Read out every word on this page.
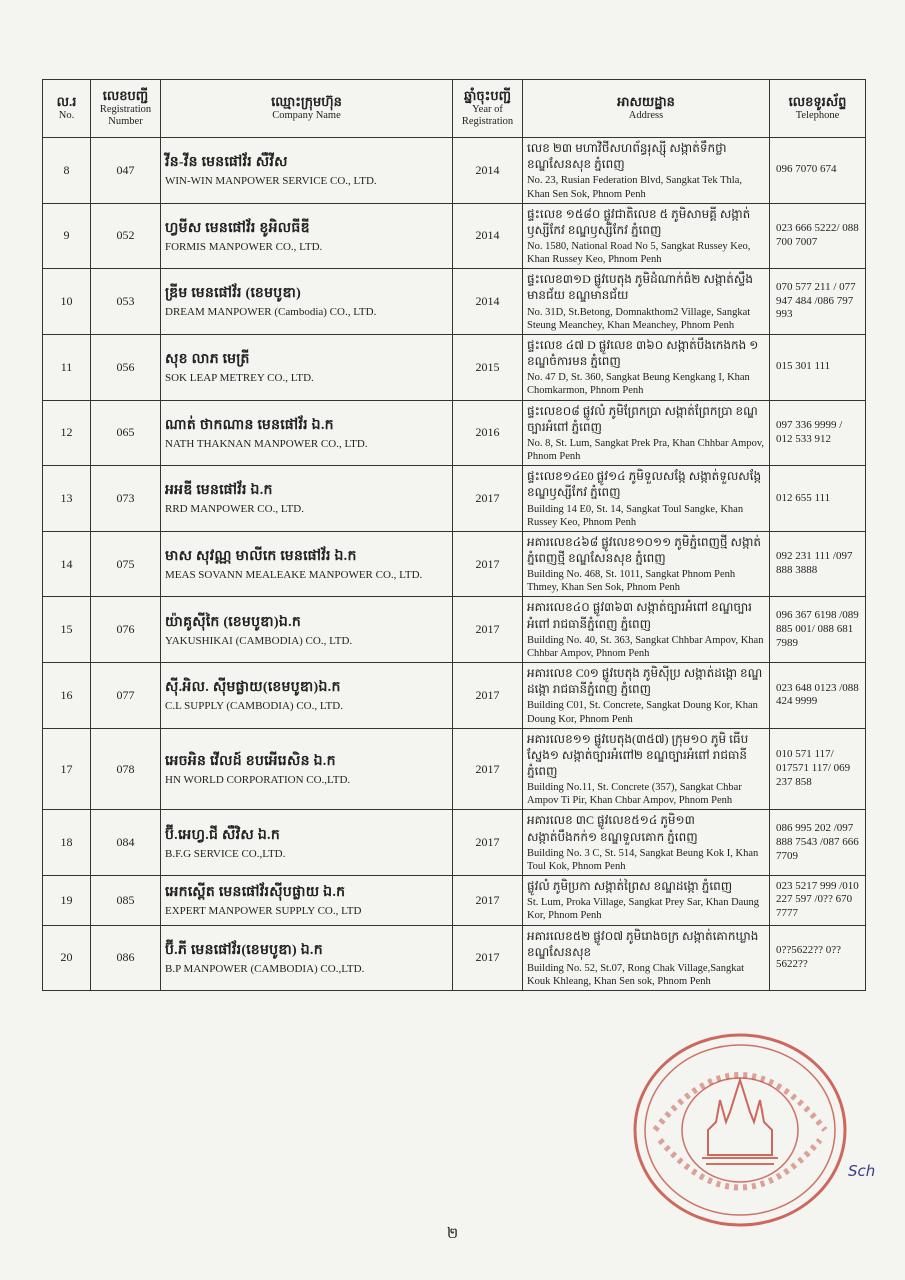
ល.រ
No.	លេខបញ្ជី
Registration Number	ឈ្មោះក្រុមហ៊ុន
Company Name	ឆ្នាំចុះបញ្ជី
Year of Registration	អាសយដ្ឋាន
Address	លេខទូរស័ព្ទ
Telephone

8	047	វីន-វីន មេនផៅវ័រ សឺវីស
WIN-WIN MANPOWER SERVICE CO., LTD.	2014	លេខ ២៣ មហាវិថីសហព័ន្ធរុស្ស៊ី សង្កាត់ទឹកថ្លា ខណ្ឌសែនសុខ ភ្នំពេញ
No. 23, Rusian Federation Blvd, Sangkat Tek Thla, Khan Sen Sok, Phnom Penh	096 7070 674
9	052	ហ្វមីស មេនផៅវ័រ ខូអិលធីឌី
FORMIS MANPOWER CO., LTD.	2014	ផ្ទះលេខ ១៥៨០ ផ្លូវជាតិលេខ ៥ ភូមិសាមគ្គី សង្កាត់ឫស្សីកែវ ខណ្ឌឫស្សីកែវ ភ្នំពេញ
No. 1580, National Road No 5, Sangkat Russey Keo, Khan Russey Keo, Phnom Penh	023 666 5222/ 088 700 7007
10	053	ឌ្រីម មេនផៅវ័រ (ខេមបូឌា)
DREAM MANPOWER (Cambodia) CO., LTD.	2014	ផ្ទះលេខ៣១D ផ្លូវបេតុង ភូមិដំណាក់ធំ២ សង្កាត់ស្ទឹងមានជ័យ ខណ្ឌមានជ័យ
No. 31D, St.Betong, Domnakthom2 Village, Sangkat Steung Meanchey, Khan Meanchey, Phnom Penh	070 577 211 / 077 947 484 /086 797 993
11	056	សុខ លាភ មេត្រី
SOK LEAP METREY CO., LTD.	2015	ផ្ទះលេខ ៤៧ D ផ្លូវលេខ ៣៦០ សង្កាត់បឹងកេងកង ១ ខណ្ឌចំការមន ភ្នំពេញ
No. 47 D, St. 360, Sangkat Beung Kengkang I, Khan Chomkarmon, Phnom Penh	015 301 111
12	065	ណាត់ ថាកណាន មេនផៅវ័រ ឯ.ក
NATH THAKNAN MANPOWER CO., LTD.	2016	ផ្ទះលេខ០៨ ផ្លូវលំ ភូមិព្រែកប្រា សង្កាត់ព្រែកប្រា ខណ្ឌច្បារអំពៅ ភ្នំពេញ
No. 8, St. Lum, Sangkat Prek Pra, Khan Chhbar Ampov, Phnom Penh	097 336 9999 / 012 533 912
13	073	អអឌី មេនផៅវ័រ ឯ.ក
RRD MANPOWER CO., LTD.	2017	ផ្ទះលេខ១៤E0 ផ្លូវ១៤ ភូមិទួលសង្កែ សង្កាត់ទួលសង្កែ ខណ្ឌឫស្សីកែវ ភ្នំពេញ
Building 14 E0, St. 14, Sangkat Toul Sangke, Khan Russey Keo, Phnom Penh	012 655 111
14	075	មាស សុវណ្ណ មាលីកេ មេនផៅវ័រ ឯ.ក
MEAS SOVANN MEALEAKE MANPOWER CO., LTD.	2017	អគារលេខ៤៦៨ ផ្លូវលេខ១០១១ ភូមិភ្នំពេញថ្មី សង្កាត់ភ្នំពេញថ្មី ខណ្ឌសែនសុខ ភ្នំពេញ
Building No. 468, St. 1011, Sangkat Phnom Penh Thmey, Khan Sen Sok, Phnom Penh	092 231 111 /097 888 3888
15	076	យ៉ាគូស៊ីកៃ (ខេមបូឌា)ឯ.ក
YAKUSHIKAI (CAMBODIA) CO., LTD.	2017	អគារលេខ៤០ ផ្លូវ៣៦៣ សង្កាត់ច្បារអំពៅ ខណ្ឌច្បារអំពៅ រាជធានីភ្នំពេញ ភ្នំពេញ
Building No. 40, St. 363, Sangkat Chhbar Ampov, Khan Chhbar Ampov, Phnom Penh	096 367 6198 /089 885 001/ 088 681 7989
16	077	ស៊ី.អិល. ស៊ីមផ្លាយ(ខេមបូឌា)ឯ.ក
C.L SUPPLY (CAMBODIA) CO., LTD.	2017	អគារលេខ C0១ ផ្លូវបេតុង ភូមិស៊ីប្រ សង្កាត់ដង្កោ ខណ្ឌដង្កោ រាជធានីភ្នំពេញ ភ្នំពេញ
Building C01, St. Concrete, Sangkat Doung Kor, Khan Doung Kor, Phnom Penh	023 648 0123 /088 424 9999
17	078	អេចអិន វើលដ៍ ខបអើរេសិន ឯ.ក
HN WORLD CORPORATION CO.,LTD.	2017	អគារលេខ១១ ផ្លូវបេតុង(៣៥៧) ក្រុម១០ ភូមិ ធើបស្នែង១ សង្កាត់ច្បារអំពៅ២ ខណ្ឌច្បារអំពៅ រាជធានីភ្នំពេញ
Building No.11, St. Concrete (357), Sangkat Chbar Ampov Ti Pir, Khan Chbar Ampov, Phnom Penh	010 571 117/ 017571 117/ 069 237 858
18	084	ប៊ី.អេហ្វ.ជី សឺវិស ឯ.ក
B.F.G SERVICE CO.,LTD.	2017	អគារលេខ ៣C ផ្លូវលេខ៥១៤ ភូមិ១៣ សង្កាត់បឹងកក់១ ខណ្ឌទួលគោក ភ្នំពេញ
Building No. 3 C, St. 514, Sangkat Beung Kok I, Khan Toul Kok, Phnom Penh	086 995 202 /097 888 7543 /087 666 7709
19	085	អេកស្ពើត មេនផៅវ័រស៊ីបផ្លាយ ឯ.ក
EXPERT MANPOWER SUPPLY CO., LTD	2017	ផ្លូវលំ ភូមិប្រកា សង្កាត់ព្រៃស ខណ្ឌដង្កោ ភ្នំពេញ
St. Lum, Proka Village, Sangkat Prey Sar, Khan Daung Kor, Phnom Penh	023 5217 999 /010 227 597 /0?? 670 7777
20	086	ប៊ី.ភី មេនផៅវ័រ(ខេមបូឌា) ឯ.ក
B.P MANPOWER (CAMBODIA) CO.,LTD.	2017	អគារលេខ៥២ ផ្លូវ០៧ ភូមិរោងចក្រ សង្កាត់គោកឃ្លាង ខណ្ឌសែនសុខ
Building No. 52, St.07, Rong Chak Village,Sangkat Kouk Khleang, Khan Sen sok, Phnom Penh	0??5622?? 0??5622??
២
Sch
